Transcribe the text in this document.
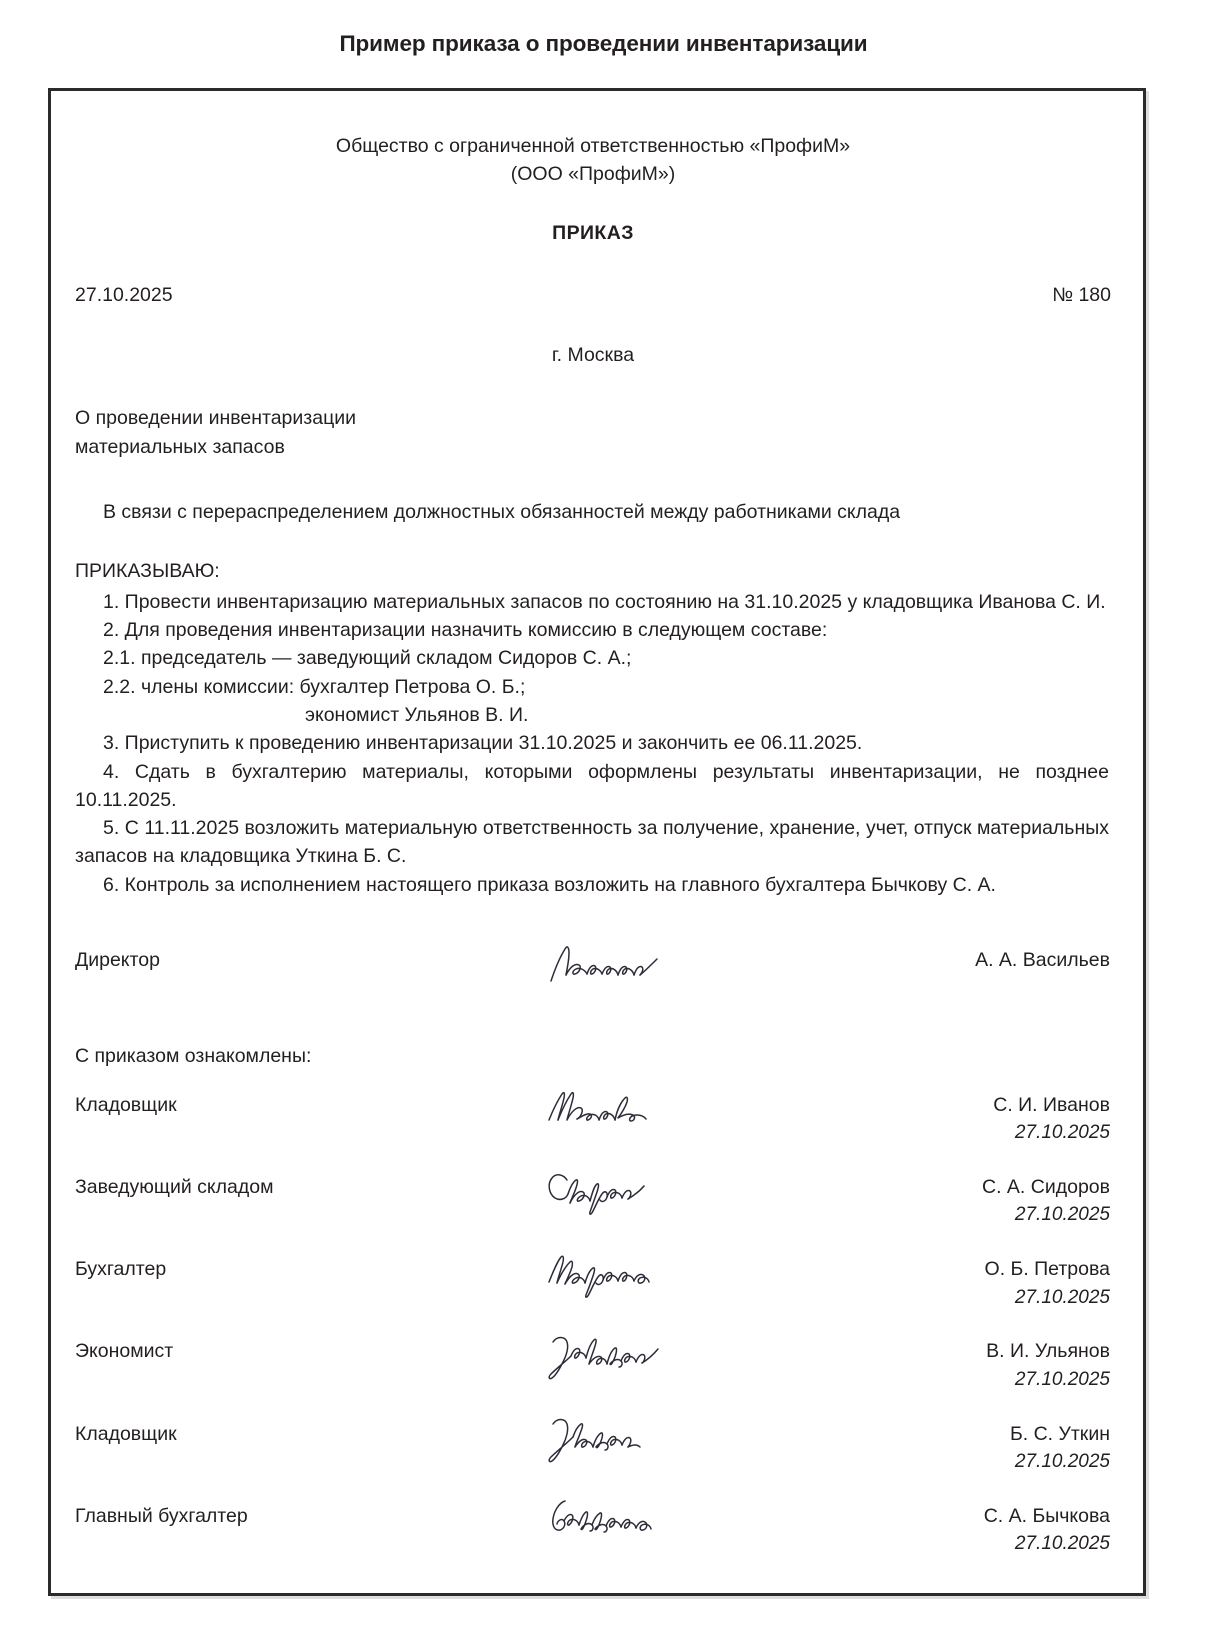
Пример приказа о проведении инвентаризации
Общество с ограниченной ответственностью «ПрофиМ»
(ООО «ПрофиМ»)
ПРИКАЗ
27.10.2025	№ 180
г. Москва
О проведении инвентаризации
материальных запасов
В связи с перераспределением должностных обязанностей между работниками склада
ПРИКАЗЫВАЮ:

1. Провести инвентаризацию материальных запасов по состоянию на 31.10.2025 у кладовщика Иванова С. И.

2. Для проведения инвентаризации назначить комиссию в следующем составе:

2.1. председатель — заведующий складом Сидоров С. А.;

2.2. члены комиссии: бухгалтер Петрова О. Б.;

экономист Ульянов В. И.

3. Приступить к проведению инвентаризации 31.10.2025 и закончить ее 06.11.2025.

4. Сдать в бухгалтерию материалы, которыми оформлены результаты инвентаризации, не позднее 10.11.2025.

5. С 11.11.2025 возложить материальную ответственность за получение, хранение, учет, отпуск материальных запасов на кладовщика Уткина Б. С.

6. Контроль за исполнением настоящего приказа возложить на главного бухгалтера Бычкову С. А.

Директор	А. А. Васильев
С приказом ознакомлены:
Кладовщик	С. И. Иванов
27.10.2025
Заведующий складом	С. А. Сидоров
27.10.2025
Бухгалтер	О. Б. Петрова
27.10.2025
Экономист	В. И. Ульянов
27.10.2025
Кладовщик	Б. С. Уткин
27.10.2025
Главный бухгалтер	С. А. Бычкова
27.10.2025
